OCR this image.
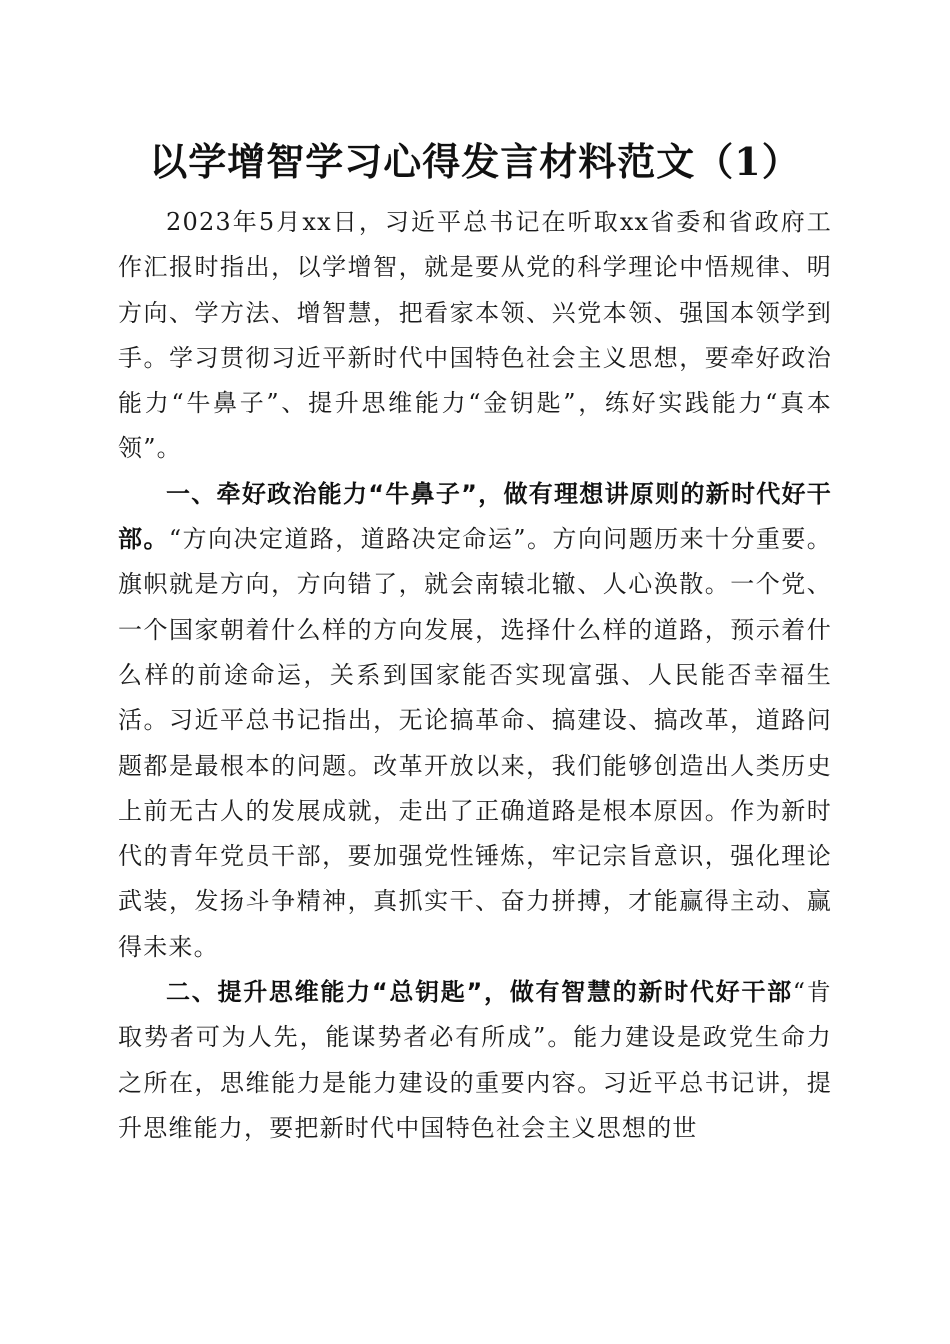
以学增智学习心得发言材料范文（1）

2023年5月xx日，习近平总书记在听取xx省委和省政府工作汇报时指出，以学增智，就是要从党的科学理论中悟规律、明方向、学方法、增智慧，把看家本领、兴党本领、强国本领学到手。学习贯彻习近平新时代中国特色社会主义思想，要牵好政治能力“牛鼻子”、提升思维能力“金钥匙”，练好实践能力“真本领”。

一、牵好政治能力“牛鼻子”，做有理想讲原则的新时代好干部。“方向决定道路，道路决定命运”。方向问题历来十分重要。旗帜就是方向，方向错了，就会南辕北辙、人心涣散。一个党、一个国家朝着什么样的方向发展，选择什么样的道路，预示着什么样的前途命运，关系到国家能否实现富强、人民能否幸福生活。习近平总书记指出，无论搞革命、搞建设、搞改革，道路问题都是最根本的问题。改革开放以来，我们能够创造出人类历史上前无古人的发展成就，走出了正确道路是根本原因。作为新时代的青年党员干部，要加强党性锤炼，牢记宗旨意识，强化理论武装，发扬斗争精神，真抓实干、奋力拼搏，才能赢得主动、赢得未来。

二、提升思维能力“总钥匙”，做有智慧的新时代好干部“肯取势者可为人先，能谋势者必有所成”。能力建设是政党生命力之所在，思维能力是能力建设的重要内容。习近平总书记讲，提升思维能力，要把新时代中国特色社会主义思想的世
